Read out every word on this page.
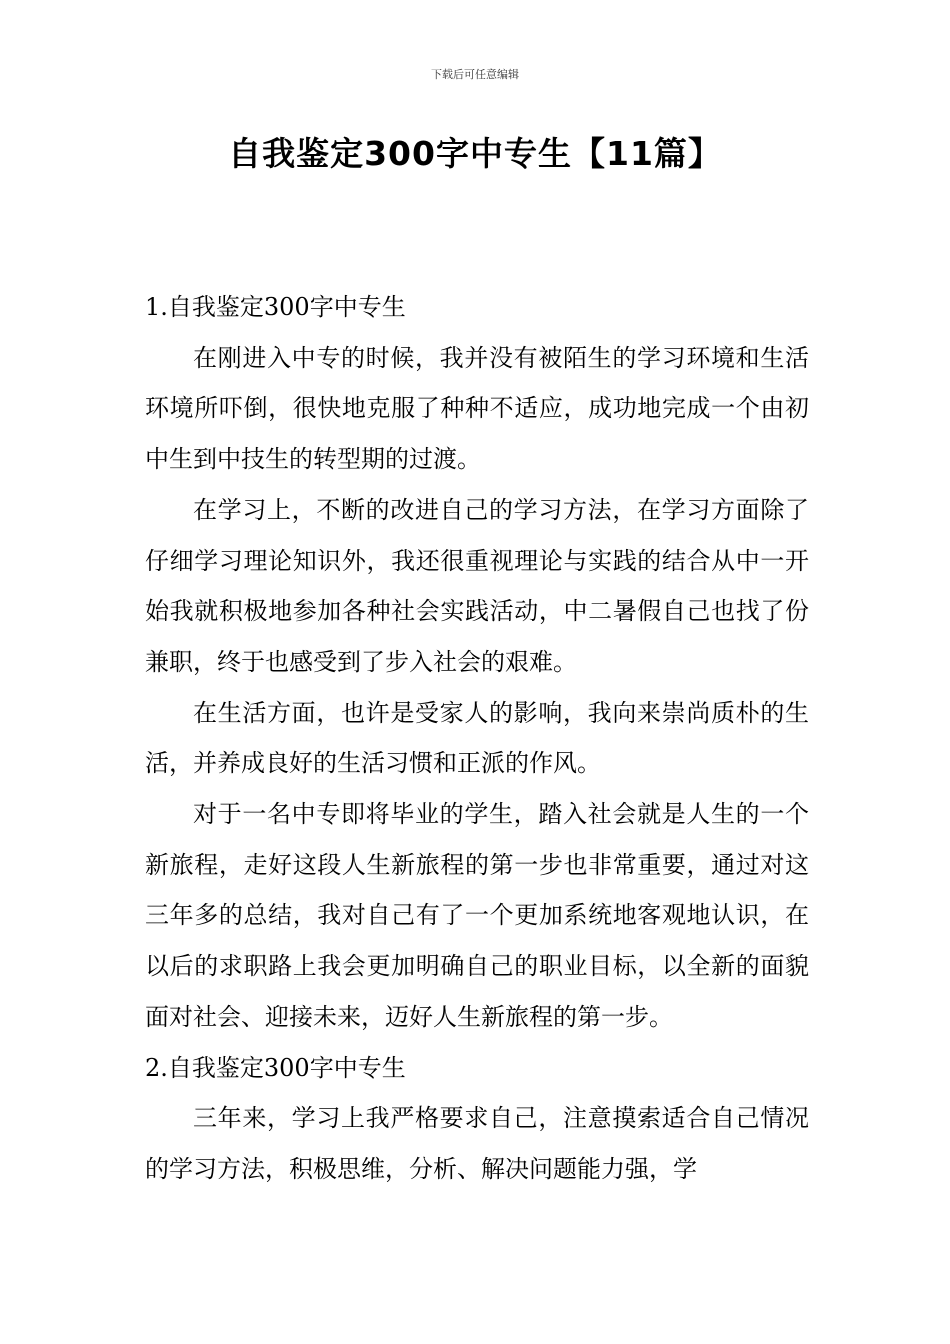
下载后可任意编辑
自我鉴定300字中专生【11篇】
1.自我鉴定300字中专生

在刚进入中专的时候，我并没有被陌生的学习环境和生活环境所吓倒，很快地克服了种种不适应，成功地完成一个由初中生到中技生的转型期的过渡。

在学习上，不断的改进自己的学习方法，在学习方面除了仔细学习理论知识外，我还很重视理论与实践的结合从中一开始我就积极地参加各种社会实践活动，中二暑假自己也找了份兼职，终于也感受到了步入社会的艰难。

在生活方面，也许是受家人的影响，我向来崇尚质朴的生活，并养成良好的生活习惯和正派的作风。

对于一名中专即将毕业的学生，踏入社会就是人生的一个新旅程，走好这段人生新旅程的第一步也非常重要，通过对这三年多的总结，我对自己有了一个更加系统地客观地认识，在以后的求职路上我会更加明确自己的职业目标，以全新的面貌面对社会、迎接未来，迈好人生新旅程的第一步。

2.自我鉴定300字中专生

三年来，学习上我严格要求自己，注意摸索适合自己情况的学习方法，积极思维，分析、解决问题能力强，学
